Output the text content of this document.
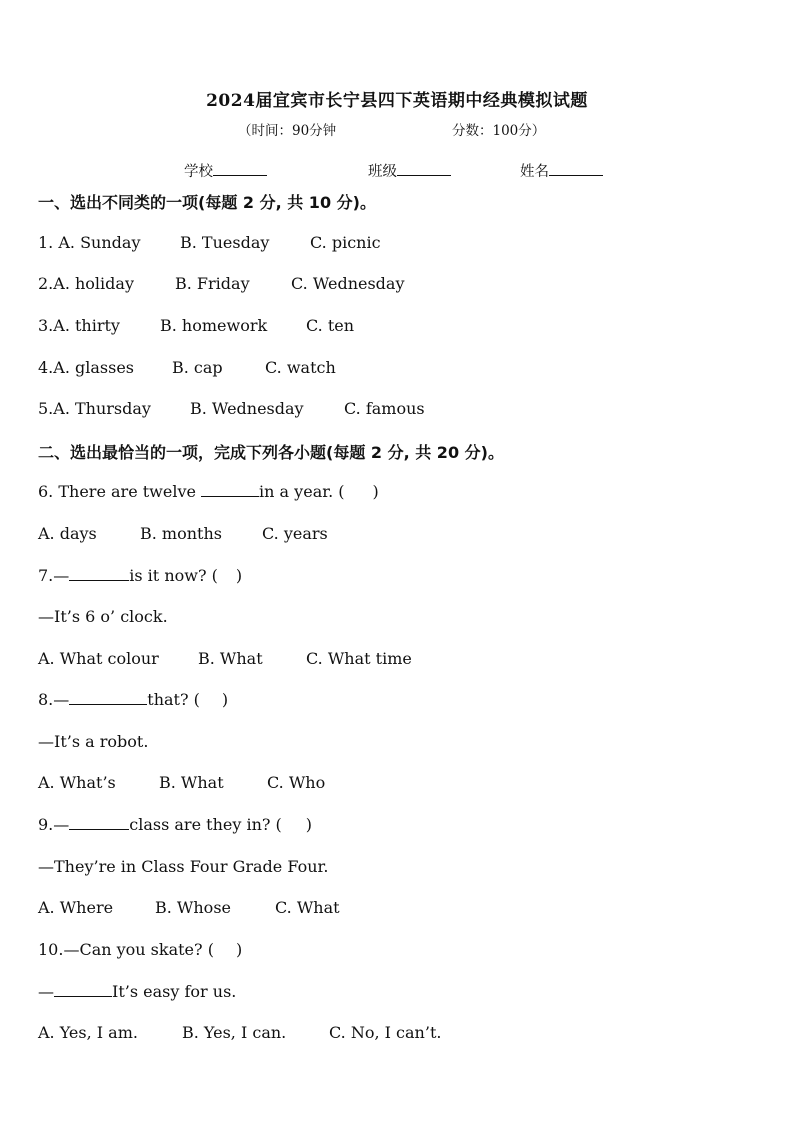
2024届宜宾市长宁县四下英语期中经典模拟试题
（时间：90分钟	分数：100分）
学校	班级	姓名
一、选出不同类的一项(每题 2 分, 共 10 分)。
1. A. Sunday B. Tuesday	C. picnic
2.A. holiday	B. Friday	C. Wednesday
3.A. thirty	B. homework C. ten
4.A. glasses B. cap	C. watch
5.A. Thursday B. Wednesday	C. famous
二、选出最恰当的一项，完成下列各小题(每题 2 分, 共 20 分)。
6. There are twelve	in a year. ( )
A. days	B. months	C. years
7.—	is it now? ( )
—It’s 6 o’ clock.
A. What colour B. What	C. What time
8.—	that? ( )
—It’s a robot.
A. What’s	B. What	C. Who
9.—	class are they in? ( )
—They’re in Class Four Grade Four.
A. Where	B. Whose	C. What
10.—Can you skate? ( )
—	It’s easy for us.
A. Yes, I am.	B. Yes, I can.	C. No, I can’t.
